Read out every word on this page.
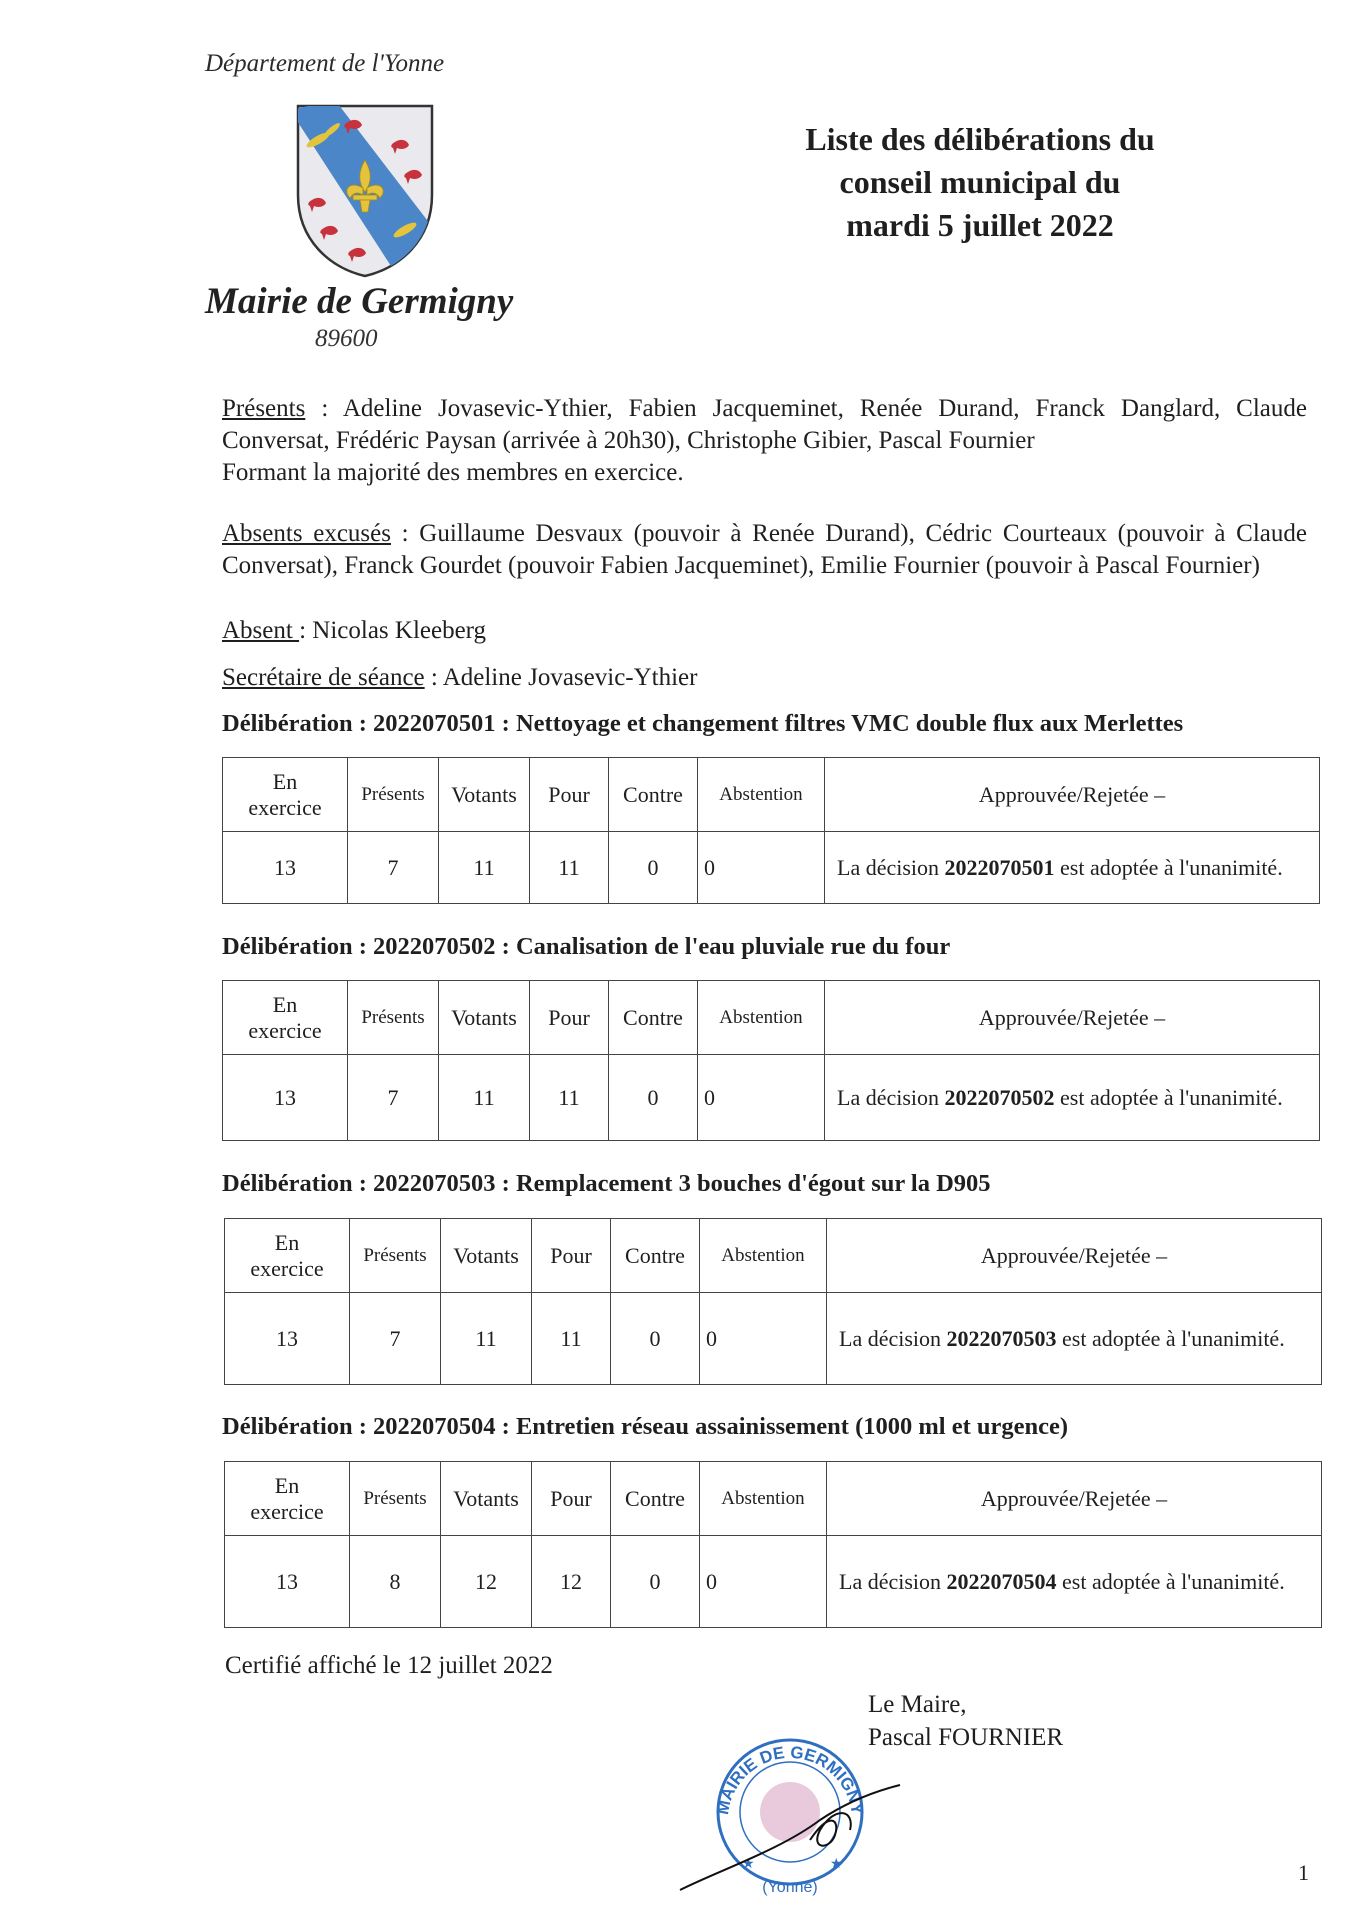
Département de l'Yonne
Mairie de Germigny
89600
Liste des délibérations du
conseil municipal du
mardi 5 juillet 2022
Présents : Adeline Jovasevic-Ythier, Fabien Jacqueminet, Renée Durand, Franck Danglard, Claude Conversat, Frédéric Paysan (arrivée à 20h30), Christophe Gibier, Pascal Fournier
Formant la majorité des membres en exercice.
Absents excusés : Guillaume Desvaux (pouvoir à Renée Durand), Cédric Courteaux (pouvoir à Claude Conversat), Franck Gourdet (pouvoir Fabien Jacqueminet), Emilie Fournier (pouvoir à Pascal Fournier)
Absent : Nicolas Kleeberg
Secrétaire de séance : Adeline Jovasevic-Ythier
Délibération : 2022070501 : Nettoyage et changement filtres VMC double flux aux Merlettes
En
exercice	Présents	Votants	Pour	Contre	Abstention	Approuvée/Rejetée –
13	7	11	11	0	0	La décision 2022070501 est adoptée à l'unanimité.
Délibération : 2022070502 : Canalisation de l'eau pluviale rue du four
En
exercice	Présents	Votants	Pour	Contre	Abstention	Approuvée/Rejetée –
13	7	11	11	0	0	La décision 2022070502 est adoptée à l'unanimité.
Délibération : 2022070503 : Remplacement 3 bouches d'égout sur la D905
En
exercice	Présents	Votants	Pour	Contre	Abstention	Approuvée/Rejetée –
13	7	11	11	0	0	La décision 2022070503 est adoptée à l'unanimité.
Délibération : 2022070504 : Entretien réseau assainissement (1000 ml et urgence)
En
exercice	Présents	Votants	Pour	Contre	Abstention	Approuvée/Rejetée –
13	8	12	12	0	0	La décision 2022070504 est adoptée à l'unanimité.
Certifié affiché le 12 juillet 2022
MAIRIE DE GERMIGNY
★	★
(Yonne)
Le Maire,
Pascal FOURNIER
1
